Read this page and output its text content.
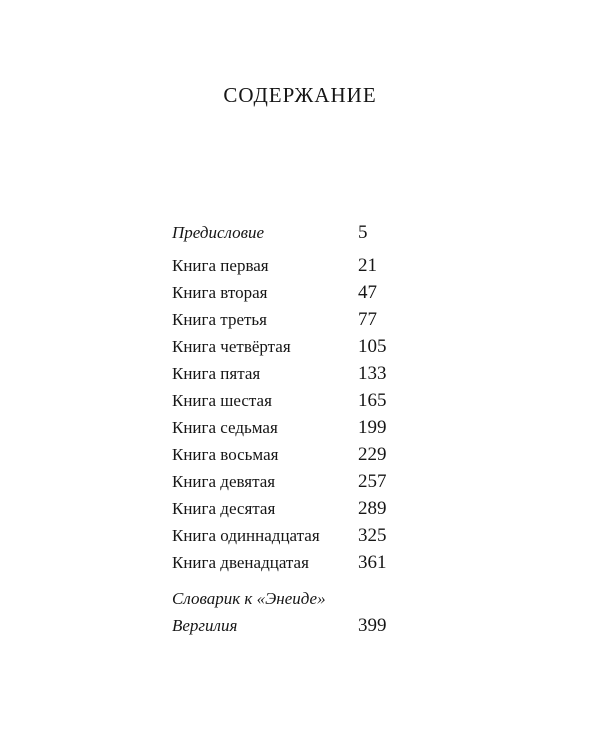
СОДЕРЖАНИЕ
Предисловие	5
Книга первая	21
Книга вторая	47
Книга третья	77
Книга четвёртая	105
Книга пятая	133
Книга шестая	165
Книга седьмая	199
Книга восьмая	229
Книга девятая	257
Книга десятая	289
Книга одиннадцатая 325
Книга двенадцатая	361
Словарик к «Энеиде»
Вергилия	399
